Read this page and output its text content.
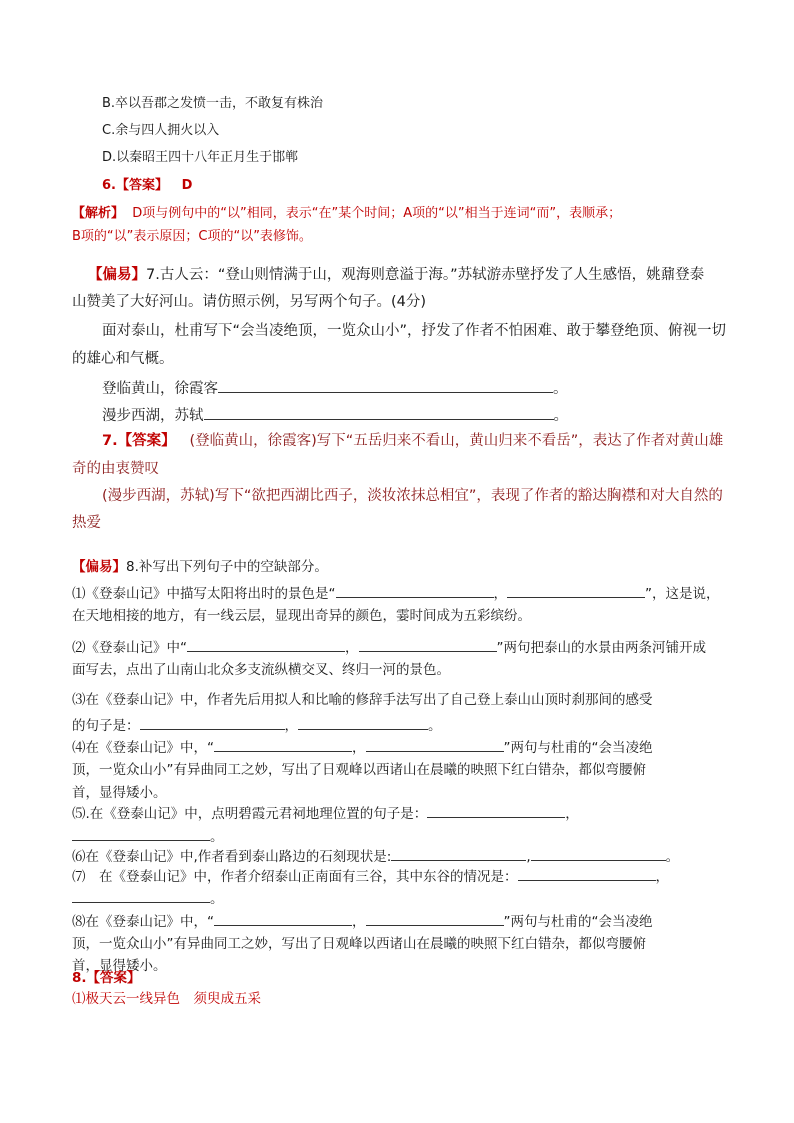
B.卒以吾郡之发愤一击，不敢复有株治
C.余与四人拥火以入
D.以秦昭王四十八年正月生于邯郸
6.【答案】 D
【解析】 D项与例句中的“以”相同，表示“在”某个时间；A项的“以”相当于连词“而”，表顺承；
B项的“以”表示原因；C项的“以”表修饰。
【偏易】7.古人云：“登山则情满于山，观海则意溢于海。”苏轼游赤壁抒发了人生感悟，姚鼐登泰
山赞美了大好河山。请仿照示例，另写两个句子。(4分)
面对泰山，杜甫写下“会当凌绝顶，一览众山小”，抒发了作者不怕困难、敢于攀登绝顶、俯视一切
的雄心和气概。
登临黄山，徐霞客	。
漫步西湖，苏轼	。
7.【答案】 (登临黄山，徐霞客)写下“五岳归来不看山，黄山归来不看岳”，表达了作者对黄山雄
奇的由衷赞叹
(漫步西湖，苏轼)写下“欲把西湖比西子，淡妆浓抹总相宜”，表现了作者的豁达胸襟和对大自然的
热爱
【偏易】8.补写出下列句子中的空缺部分。
⑴《登泰山记》中描写太阳将出时的景色是“	，	”，这是说，
在天地相接的地方，有一线云层，显现出奇异的颜色，霎时间成为五彩缤纷。
⑵《登泰山记》中“	，	”两句把泰山的水景由两条河铺开成
面写去，点出了山南山北众多支流纵横交叉、终归一河的景色。
⑶在《登泰山记》中，作者先后用拟人和比喻的修辞手法写出了自己登上泰山山顶时刹那间的感受
的句子是：	，	。
⑷在《登泰山记》中，“	，	”两句与杜甫的“会当凌绝
顶，一览众山小”有异曲同工之妙，写出了日观峰以西诸山在晨曦的映照下红白错杂，都似弯腰俯
首，显得矮小。
⑸.在《登泰山记》中，点明碧霞元君祠地理位置的句子是：	，
。
⑹在《登泰山记》中,作者看到泰山路边的石刻现状是:	,	。
⑺　在《登泰山记》中，作者介绍泰山正南面有三谷，其中东谷的情况是：	，
。
⑻在《登泰山记》中，“	，	”两句与杜甫的“会当凌绝
顶，一览众山小”有异曲同工之妙，写出了日观峰以西诸山在晨曦的映照下红白错杂，都似弯腰俯
首，显得矮小。
8.【答案】
⑴极天云一线异色　须臾成五采
